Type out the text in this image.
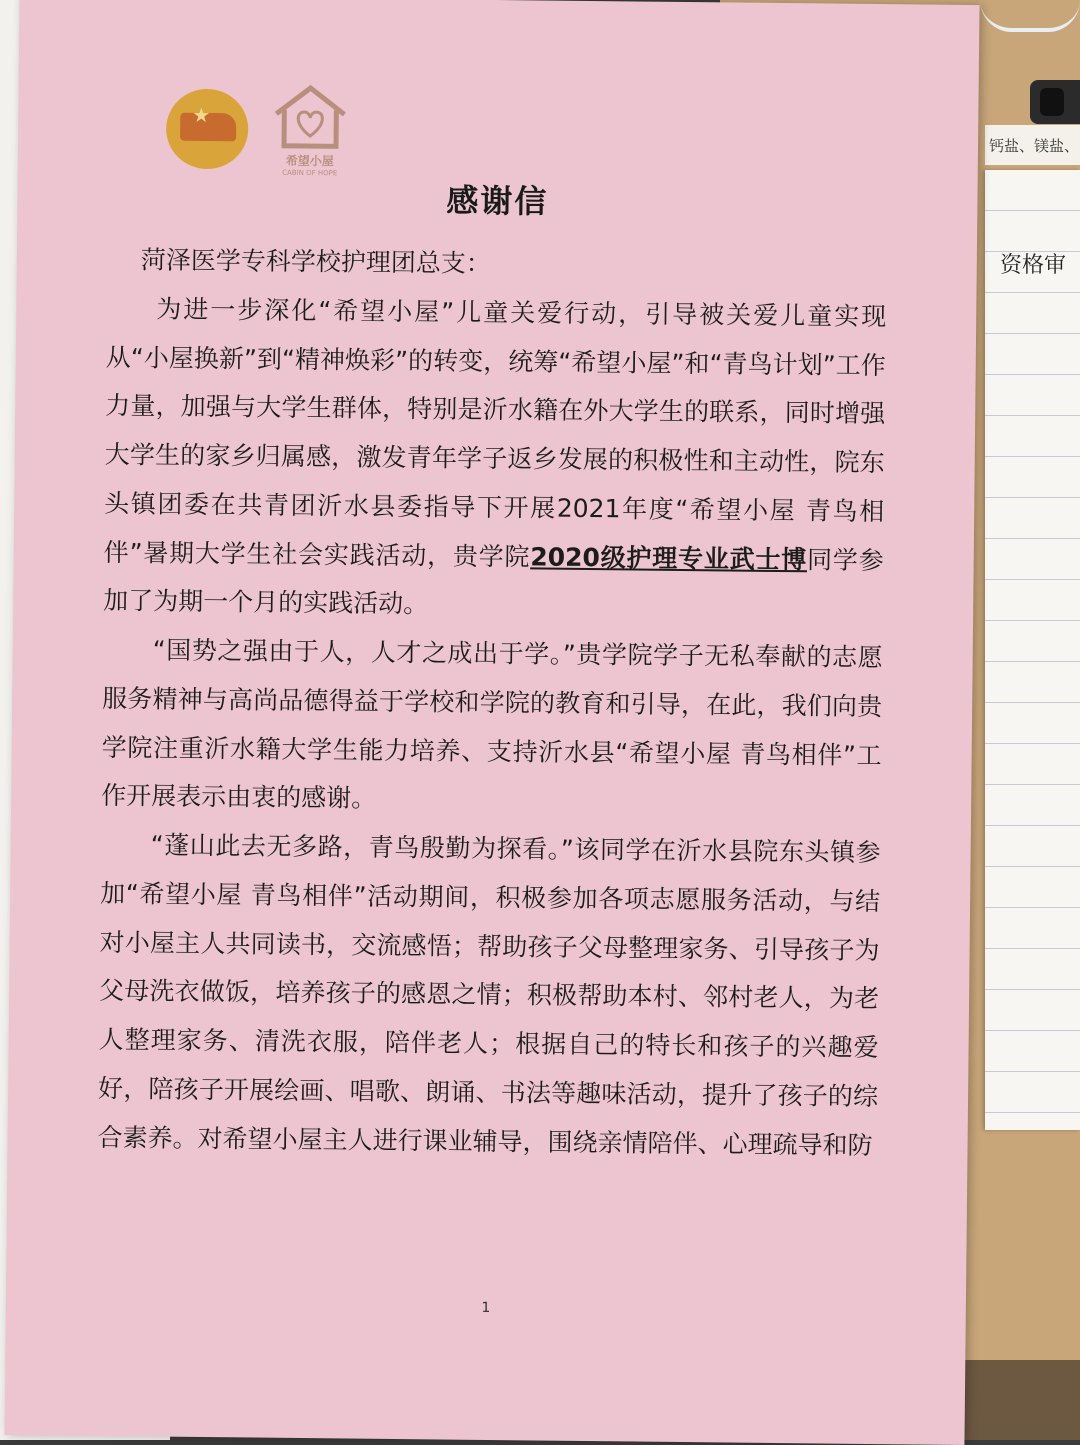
钙盐、镁盐、
资格审
★
希望小屋
CABIN OF HOPE
感谢信

菏泽医学专科学校护理团总支：

为进一步深化“希望小屋”儿童关爱行动，引导被关爱儿童实现从“小屋换新”到“精神焕彩”的转变，统筹“希望小屋”和“青鸟计划”工作力量，加强与大学生群体，特别是沂水籍在外大学生的联系，同时增强大学生的家乡归属感，激发青年学子返乡发展的积极性和主动性，院东头镇团委在共青团沂水县委指导下开展2021年度“希望小屋 青鸟相伴”暑期大学生社会实践活动，贵学院2020级护理专业武士博同学参加了为期一个月的实践活动。

“国势之强由于人，人才之成出于学。”贵学院学子无私奉献的志愿服务精神与高尚品德得益于学校和学院的教育和引导，在此，我们向贵学院注重沂水籍大学生能力培养、支持沂水县“希望小屋 青鸟相伴”工作开展表示由衷的感谢。

“蓬山此去无多路，青鸟殷勤为探看。”该同学在沂水县院东头镇参加“希望小屋 青鸟相伴”活动期间，积极参加各项志愿服务活动，与结对小屋主人共同读书，交流感悟；帮助孩子父母整理家务、引导孩子为父母洗衣做饭，培养孩子的感恩之情；积极帮助本村、邻村老人，为老人整理家务、清洗衣服，陪伴老人；根据自己的特长和孩子的兴趣爱好，陪孩子开展绘画、唱歌、朗诵、书法等趣味活动，提升了孩子的综合素养。对希望小屋主人进行课业辅导，围绕亲情陪伴、心理疏导和防

1
